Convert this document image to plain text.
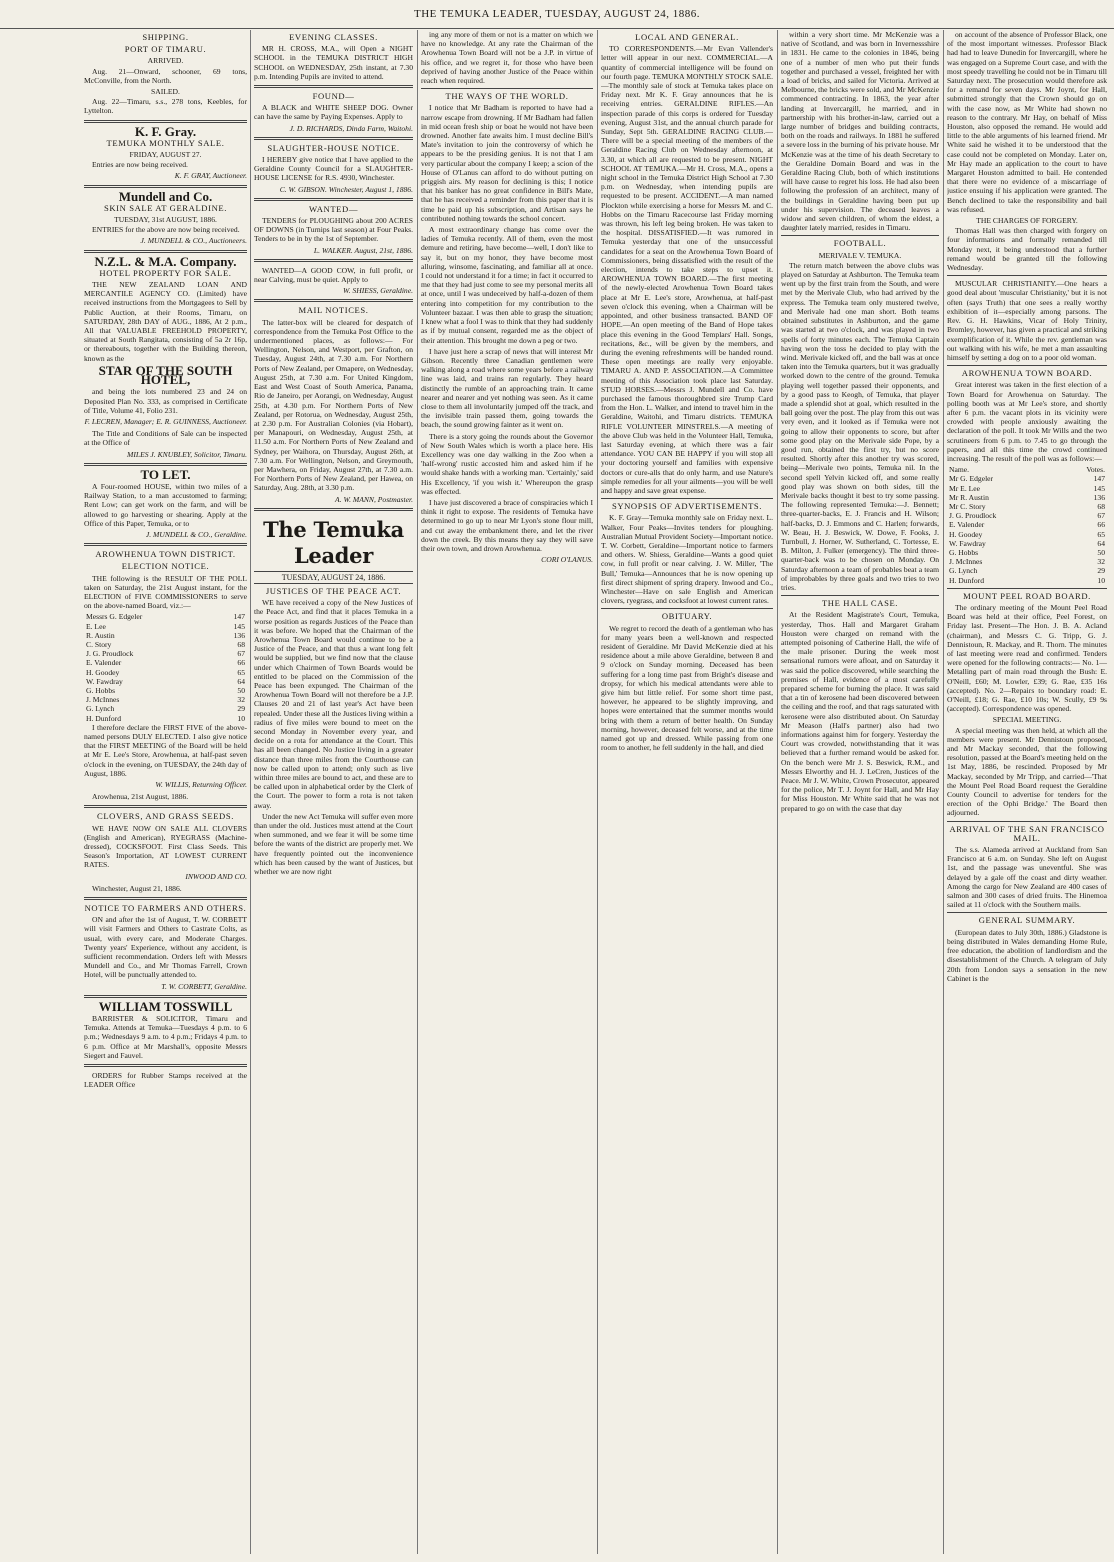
THE TEMUKA LEADER, TUESDAY, AUGUST 24, 1886.
SHIPPING.
PORT OF TIMARU.
ARRIVED.

Aug. 21—Onward, schooner, 69 tons, McConville, from the North.

SAILED.

Aug. 22—Timaru, s.s., 278 tons, Keebles, for Lyttelton.

K. F. Gray.
TEMUKA MONTHLY SALE.
FRIDAY, AUGUST 27.

Entries are now being received.

K. F. GRAY, Auctioneer.
Mundell and Co.
SKIN SALE AT GERALDINE.
TUESDAY, 31st AUGUST, 1886.

ENTRIES for the above are now being received.

J. MUNDELL & CO., Auctioneers.
N.Z.L. & M.A. Company.
HOTEL PROPERTY FOR SALE.

THE NEW ZEALAND LOAN AND MERCANTILE AGENCY CO. (Limited) have received instructions from the Mortgagees to Sell by Public Auction, at their Rooms, Timaru, on SATURDAY, 28th DAY of AUG., 1886, At 2 p.m., All that VALUABLE FREEHOLD PROPERTY, situated at South Rangitata, consisting of 5a 2r 16p, or thereabouts, together with the Building thereon, known as the

STAR OF THE SOUTH HOTEL,

and being the lots numbered 23 and 24 on Deposited Plan No. 333, as comprised in Certificate of Title, Volume 41, Folio 231.

F. LECREN, Manager; E. R. GUINNESS, Auctioneer.

The Title and Conditions of Sale can be inspected at the Office of

MILES J. KNUBLEY, Solicitor, Timaru.
TO LET.

A Four-roomed HOUSE, within two miles of a Railway Station, to a man accustomed to farming; Rent Low; can get work on the farm, and will be allowed to go harvesting or shearing. Apply at the Office of this Paper, Temuka, or to

J. MUNDELL & CO., Geraldine.
AROWHENUA TOWN DISTRICT.
ELECTION NOTICE.

THE following is the RESULT OF THE POLL taken on Saturday, the 21st August instant, for the ELECTION of FIVE COMMISSIONERS to serve on the above-named Board, viz.:—

Messrs G. Edgeler	147
E. Lee	145
R. Austin	136
C. Story	68
J. G. Proudlock	67
E. Valender	66
H. Goodey	65
W. Fawdray	64
G. Hobbs	50
J. McInnes	32
G. Lynch	29
H. Dunford	10

I therefore declare the FIRST FIVE of the above-named persons DULY ELECTED. I also give notice that the FIRST MEETING of the Board will be held at Mr E. Lee's Store, Arowhenua, at half-past seven o'clock in the evening, on TUESDAY, the 24th day of August, 1886.

W. WILLIS, Returning Officer.

Arowhenua, 21st August, 1886.

CLOVERS, AND GRASS SEEDS.

WE HAVE NOW ON SALE ALL CLOVERS (English and American), RYEGRASS (Machine-dressed), COCKSFOOT. First Class Seeds. This Season's Importation, AT LOWEST CURRENT RATES.

INWOOD AND CO.

Winchester, August 21, 1886.

NOTICE TO FARMERS AND OTHERS.

ON and after the 1st of August, T. W. CORBETT will visit Farmers and Others to Castrate Colts, as usual, with every care, and Moderate Charges. Twenty years' Experience, without any accident, is sufficient recommendation. Orders left with Messrs Mundell and Co., and Mr Thomas Farrell, Crown Hotel, will be punctually attended to.

T. W. CORBETT, Geraldine.
WILLIAM TOSSWILL

BARRISTER & SOLICITOR, Timaru and Temuka. Attends at Temuka—Tuesdays 4 p.m. to 6 p.m.; Wednesdays 9 a.m. to 4 p.m.; Fridays 4 p.m. to 6 p.m. Office at Mr Marshall's, opposite Messrs Siegert and Fauvel.

ORDERS for Rubber Stamps received at the LEADER Office

EVENING CLASSES.

MR H. CROSS, M.A., will Open a NIGHT SCHOOL in the TEMUKA DISTRICT HIGH SCHOOL on WEDNESDAY, 25th instant, at 7.30 p.m. Intending Pupils are invited to attend.

FOUND—

A BLACK and WHITE SHEEP DOG. Owner can have the same by Paying Expenses. Apply to

J. D. RICHARDS, Dinda Farm, Waitohi.
SLAUGHTER-HOUSE NOTICE.

I HEREBY give notice that I have applied to the Geraldine County Council for a SLAUGHTER-HOUSE LICENSE for R.S. 4930, Winchester.

C. W. GIBSON. Winchester, August 1, 1886.
WANTED—

TENDERS for PLOUGHING about 200 ACRES OF DOWNS (in Turnips last season) at Four Peaks. Tenders to be in by the 1st of September.

L. WALKER. August, 21st, 1886.

WANTED—A GOOD COW, in full profit, or near Calving, must be quiet. Apply to

W. SHIESS, Geraldine.
MAIL NOTICES.

The latter-box will be cleared for despatch of correspondence from the Temuka Post Office to the undermentioned places, as follows:— For Wellington, Nelson, and Westport, per Grafton, on Tuesday, August 24th, at 7.30 a.m. For Northern Ports of New Zealand, per Omapere, on Wednesday, August 25th, at 7.30 a.m. For United Kingdom, East and West Coast of South America, Panama, Rio de Janeiro, per Aorangi, on Wednesday, August 25th, at 4.30 p.m. For Northern Ports of New Zealand, per Rotorua, on Wednesday, August 25th, at 2.30 p.m. For Australian Colonies (via Hobart), per Manapouri, on Wednesday, August 25th, at 11.50 a.m. For Northern Ports of New Zealand and Sydney, per Waihora, on Thursday, August 26th, at 7.30 a.m. For Wellington, Nelson, and Greymouth, per Mawhera, on Friday, August 27th, at 7.30 a.m. For Northern Ports of New Zealand, per Hawea, on Saturday, Aug. 28th, at 3.30 p.m.

A. W. MANN, Postmaster.
The Temuka Leader
TUESDAY, AUGUST 24, 1886.
JUSTICES OF THE PEACE ACT.

WE have received a copy of the New Justices of the Peace Act, and find that it places Temuka in a worse position as regards Justices of the Peace than it was before. We hoped that the Chairman of the Arowhenua Town Board would continue to be a Justice of the Peace, and that thus a want long felt would be supplied, but we find now that the clause under which Chairmen of Town Boards would be entitled to be placed on the Commission of the Peace has been expunged. The Chairman of the Arowhenua Town Board will not therefore be a J.P. Clauses 20 and 21 of last year's Act have been repealed. Under these all the Justices living within a radius of five miles were bound to meet on the second Monday in November every year, and decide on a rota for attendance at the Court. This has all been changed. No Justice living in a greater distance than three miles from the Courthouse can now be called upon to attend; only such as live within three miles are bound to act, and these are to be called upon in alphabetical order by the Clerk of the Court. The power to form a rota is not taken away.

Under the new Act Temuka will suffer even more than under the old. Justices must attend at the Court when summoned, and we fear it will be some time before the wants of the district are properly met. We have frequently pointed out the inconvenience which has been caused by the want of Justices, but whether we are now right

ing any more of them or not is a matter on which we have no knowledge. At any rate the Chairman of the Arowhenua Town Board will not be a J.P. in virtue of his office, and we regret it, for those who have been deprived of having another Justice of the Peace within reach when required.

THE WAYS OF THE WORLD.

I notice that Mr Badham is reported to have had a narrow escape from drowning. If Mr Badham had fallen in mid ocean fresh ship or boat he would not have been drowned. Another fate awaits him. I must decline Bill's Mate's invitation to join the controversy of which he appears to be the presiding genius. It is not that I am very particular about the company I keep; a scion of the House of O'Lanus can afford to do without putting on priggish airs. My reason for declining is this; I notice that his banker has no great confidence in Bill's Mate, that he has received a reminder from this paper that it is time he paid up his subscription, and Artisan says he contributed nothing towards the school concert.

A most extraordinary change has come over the ladies of Temuka recently. All of them, even the most demure and retiring, have become—well, I don't like to say it, but on my honor, they have become most alluring, winsome, fascinating, and familiar all at once. I could not understand it for a time; in fact it occurred to me that they had just come to see my personal merits all at once, until I was undeceived by half-a-dozen of them entering into competition for my contribution to the Volunteer bazaar. I was then able to grasp the situation; I knew what a fool I was to think that they had suddenly as if by mutual consent, regarded me as the object of their attention. This brought me down a peg or two.

I have just here a scrap of news that will interest Mr Gibson. Recently three Canadian gentlemen were walking along a road where some years before a railway line was laid, and trains ran regularly. They heard distinctly the rumble of an approaching train. It came nearer and nearer and yet nothing was seen. As it came close to them all involuntarily jumped off the track, and the invisible train passed them, going towards the beach, the sound growing fainter as it went on.

There is a story going the rounds about the Governor of New South Wales which is worth a place here. His Excellency was one day walking in the Zoo when a 'half-wrong' rustic accosted him and asked him if he would shake hands with a working man. 'Certainly,' said His Excellency, 'if you wish it.' Whereupon the grasp was effected.

I have just discovered a brace of conspiracies which I think it right to expose. The residents of Temuka have determined to go up to near Mr Lyon's stone flour mill, and cut away the embankment there, and let the river down the creek. By this means they say they will save their own town, and drown Arowhenua.

CORI O'LANUS.
LOCAL AND GENERAL.

TO CORRESPONDENTS.—Mr Evan Vallender's letter will appear in our next. COMMERCIAL.—A quantity of commercial intelligence will be found on our fourth page. TEMUKA MONTHLY STOCK SALE.—The monthly sale of stock at Temuka takes place on Friday next. Mr K. F. Gray announces that he is receiving entries. GERALDINE RIFLES.—An inspection parade of this corps is ordered for Tuesday evening, August 31st, and the annual church parade for Sunday, Sept 5th. GERALDINE RACING CLUB.—There will be a special meeting of the members of the Geraldine Racing Club on Wednesday afternoon, at 3.30, at which all are requested to be present. NIGHT SCHOOL AT TEMUKA.—Mr H. Cross, M.A., opens a night school in the Temuka District High School at 7.30 p.m. on Wednesday, when intending pupils are requested to be present. ACCIDENT.—A man named Plockton while exercising a horse for Messrs M. and C. Hobbs on the Timaru Racecourse last Friday morning was thrown, his left leg being broken. He was taken to the hospital. DISSATISFIED.—It was rumored in Temuka yesterday that one of the unsuccessful candidates for a seat on the Arowhenua Town Board of Commissioners, being dissatisfied with the result of the election, intends to take steps to upset it. AROWHENUA TOWN BOARD.—The first meeting of the newly-elected Arowhenua Town Board takes place at Mr E. Lee's store, Arowhenua, at half-past seven o'clock this evening, when a Chairman will be appointed, and other business transacted. BAND OF HOPE.—An open meeting of the Band of Hope takes place this evening in the Good Templars' Hall. Songs, recitations, &c., will be given by the members, and during the evening refreshments will be handed round. These open meetings are really very enjoyable. TIMARU A. AND P. ASSOCIATION.—A Committee meeting of this Association took place last Saturday. STUD HORSES.—Messrs J. Mundell and Co. have purchased the famous thoroughbred sire Trump Card from the Hon. L. Walker, and intend to travel him in the Geraldine, Waitohi, and Timaru districts. TEMUKA RIFLE VOLUNTEER MINSTRELS.—A meeting of the above Club was held in the Volunteer Hall, Temuka, last Saturday evening, at which there was a fair attendance. YOU CAN BE HAPPY if you will stop all your doctoring yourself and families with expensive doctors or cure-alls that do only harm, and use Nature's simple remedies for all your ailments—you will be well and happy and save great expense.

SYNOPSIS OF ADVERTISEMENTS.

K. F. Gray—Temuka monthly sale on Friday next. L. Walker, Four Peaks—Invites tenders for ploughing. Australian Mutual Provident Society—Important notice. T. W. Corbett, Geraldine—Important notice to farmers and others. W. Shiess, Geraldine—Wants a good quiet cow, in full profit or near calving. J. W. Miller, 'The Bull,' Temuka—Announces that he is now opening up first direct shipment of spring drapery. Inwood and Co., Winchester—Have on sale English and American clovers, ryegrass, and cocksfoot at lowest current rates.

OBITUARY.

We regret to record the death of a gentleman who has for many years been a well-known and respected resident of Geraldine. Mr David McKenzie died at his residence about a mile above Geraldine, between 8 and 9 o'clock on Sunday morning. Deceased has been suffering for a long time past from Bright's disease and dropsy, for which his medical attendants were able to give him but little relief. For some short time past, however, he appeared to be slightly improving, and hopes were entertained that the summer months would bring with them a return of better health. On Sunday morning, however, deceased felt worse, and at the time named got up and dressed. While passing from one room to another, he fell suddenly in the hall, and died

within a very short time. Mr McKenzie was a native of Scotland, and was born in Invernessshire in 1831. He came to the colonies in 1846, being one of a number of men who put their funds together and purchased a vessel, freighted her with a load of bricks, and sailed for Victoria. Arrived at Melbourne, the bricks were sold, and Mr McKenzie commenced contracting. In 1863, the year after landing at Invercargill, he married, and in partnership with his brother-in-law, carried out a large number of bridges and building contracts, both on the roads and railways. In 1881 he suffered a severe loss in the burning of his private house. Mr McKenzie was at the time of his death Secretary to the Geraldine Domain Board and was in the Geraldine Racing Club, both of which institutions will have cause to regret his loss. He had also been following the profession of an architect, many of the buildings in Geraldine having been put up under his supervision. The deceased leaves a widow and seven children, of whom the eldest, a daughter lately married, resides in Timaru.

FOOTBALL.
MERIVALE V. TEMUKA.

The return match between the above clubs was played on Saturday at Ashburton. The Temuka team went up by the first train from the South, and were met by the Merivale Club, who had arrived by the express. The Temuka team only mustered twelve, and Merivale had one man short. Both teams obtained substitutes in Ashburton, and the game was started at two o'clock, and was played in two spells of forty minutes each. The Temuka Captain having won the toss he decided to play with the wind. Merivale kicked off, and the ball was at once taken into the Temuka quarters, but it was gradually worked down to the centre of the ground. Temuka playing well together passed their opponents, and by a good pass to Keogh, of Temuka, that player made a splendid shot at goal, which resulted in the ball going over the post. The play from this out was very even, and it looked as if Temuka were not going to allow their opponents to score, but after some good play on the Merivale side Pope, by a good run, obtained the first try, but no score resulted. Shortly after this another try was scored, being—Merivale two points, Temuka nil. In the second spell Yelvin kicked off, and some really good play was shown on both sides, till the Merivale backs thought it best to try some passing. The following represented Temuka:—J. Bennett; three-quarter-backs, E. J. Francis and H. Wilson; half-backs, D. J. Emmons and C. Harlen; forwards, W. Beau, H. J. Beswick, W. Dowe, F. Fooks, J. Turnbull, J. Horner, W. Sutherland, C. Tortesse, E. B. Milton, J. Fulker (emergency). The third three-quarter-back was to be chosen on Monday. On Saturday afternoon a team of probables beat a team of improbables by three goals and two tries to two tries.

THE HALL CASE.

At the Resident Magistrate's Court, Temuka, yesterday, Thos. Hall and Margaret Graham Houston were charged on remand with the attempted poisoning of Catherine Hall, the wife of the male prisoner. During the week most sensational rumors were afloat, and on Saturday it was said the police discovered, while searching the premises of Hall, evidence of a most carefully prepared scheme for burning the place. It was said that a tin of kerosene had been discovered between the ceiling and the roof, and that rags saturated with kerosene were also distributed about. On Saturday Mr Meason (Hall's partner) also had two informations against him for forgery. Yesterday the Court was crowded, notwithstanding that it was believed that a further remand would be asked for. On the bench were Mr J. S. Beswick, R.M., and Messrs Elworthy and H. J. LeCren, Justices of the Peace. Mr J. W. White, Crown Prosecutor, appeared for the police, Mr T. J. Joynt for Hall, and Mr Hay for Miss Houston. Mr White said that he was not prepared to go on with the case that day

on account of the absence of Professor Black, one of the most important witnesses. Professor Black had had to leave Dunedin for Invercargill, where he was engaged on a Supreme Court case, and with the most speedy travelling he could not be in Timaru till Saturday next. The prosecution would therefore ask for a remand for seven days. Mr Joynt, for Hall, submitted strongly that the Crown should go on with the case now, as Mr White had shown no reason to the contrary. Mr Hay, on behalf of Miss Houston, also opposed the remand. He would add little to the able arguments of his learned friend. Mr White said he wished it to be understood that the case could not be completed on Monday. Later on, Mr Hay made an application to the court to have Margaret Houston admitted to bail. He contended that there were no evidence of a miscarriage of justice ensuing if his application were granted. The Bench declined to take the responsibility and bail was refused.

THE CHARGES OF FORGERY.

Thomas Hall was then charged with forgery on four informations and formally remanded till Monday next, it being understood that a further remand would be granted till the following Wednesday.

MUSCULAR CHRISTIANITY.—One hears a good deal about 'muscular Christianity,' but it is not often (says Truth) that one sees a really worthy exhibition of it—especially among parsons. The Rev. G. H. Hawkins, Vicar of Holy Trinity, Bromley, however, has given a practical and striking exemplification of it. While the rev. gentleman was out walking with his wife, he met a man assaulting himself by setting a dog on to a poor old woman.

AROWHENUA TOWN BOARD.

Great interest was taken in the first election of a Town Board for Arowhenua on Saturday. The polling booth was at Mr Lee's store, and shortly after 6 p.m. the vacant plots in its vicinity were crowded with people anxiously awaiting the declaration of the poll. It took Mr Wills and the two scrutineers from 6 p.m. to 7.45 to go through the papers, and all this time the crowd continued increasing. The result of the poll was as follows:—

Name.	Votes.
Mr G. Edgeler	147
Mr E. Lee	145
Mr R. Austin	136
Mr C. Story	68
J. G. Proudlock	67
E. Valender	66
H. Goodey	65
W. Fawdray	64
G. Hobbs	50
J. McInnes	32
G. Lynch	29
H. Dunford	10
MOUNT PEEL ROAD BOARD.

The ordinary meeting of the Mount Peel Road Board was held at their office, Peel Forest, on Friday last. Present—The Hon. J. B. A. Acland (chairman), and Messrs C. G. Tripp, G. J. Dennistoun, R. Mackay, and R. Thorn. The minutes of last meeting were read and confirmed. Tenders were opened for the following contracts:— No. 1—Metalling part of main road through the Bush: E. O'Neill, £60; M. Lowler, £39; G. Rae, £35 16s (accepted). No. 2—Repairs to boundary road: E. O'Neill, £18; G. Rae, £10 10s; W. Scully, £9 9s (accepted). Correspondence was opened.

SPECIAL MEETING.

A special meeting was then held, at which all the members were present. Mr Dennistoun proposed, and Mr Mackay seconded, that the following resolution, passed at the Board's meeting held on the 1st May, 1886, be rescinded. Proposed by Mr Mackay, seconded by Mr Tripp, and carried—'That the Mount Peel Road Board request the Geraldine County Council to advertise for tenders for the erection of the Ophi Bridge.' The Board then adjourned.

ARRIVAL OF THE SAN FRANCISCO MAIL.

The s.s. Alameda arrived at Auckland from San Francisco at 6 a.m. on Sunday. She left on August 1st, and the passage was uneventful. She was delayed by a gale off the coast and dirty weather. Among the cargo for New Zealand are 400 cases of salmon and 300 cases of dried fruits. The Hinemoa sailed at 11 o'clock with the Southern mails.

GENERAL SUMMARY.

(European dates to July 30th, 1886.) Gladstone is being distributed in Wales demanding Home Rule, free education, the abolition of landlordism and the disestablishment of the Church. A telegram of July 20th from London says a sensation in the new Cabinet is the
